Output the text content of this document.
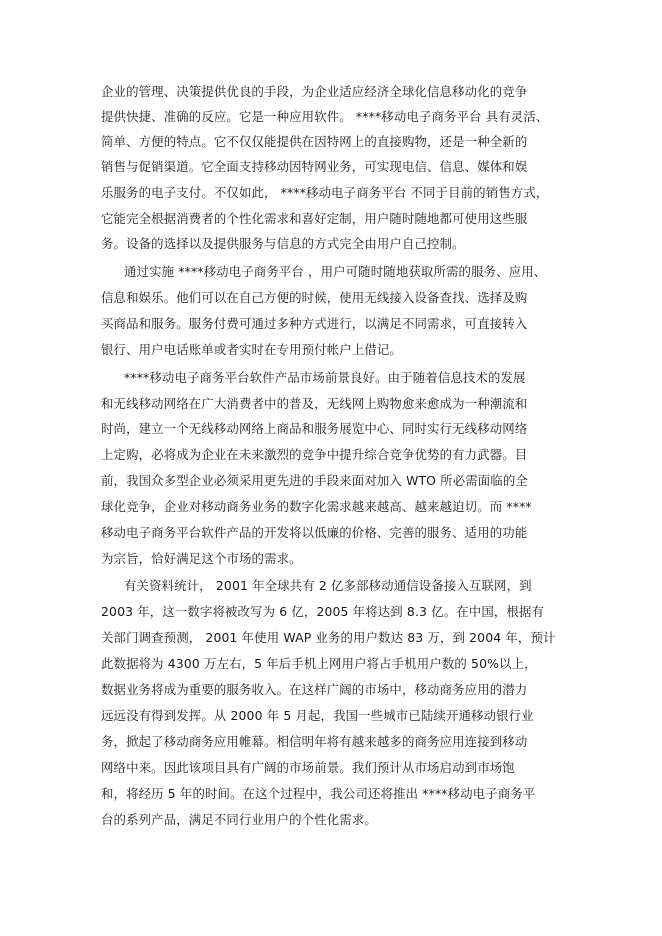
企业的管理、决策提供优良的手段，为企业适应经济全球化信息移动化的竞争
提供快捷、准确的反应。它是一种应用软件。 ****移动电子商务平台 具有灵活、
简单、方便的特点。它不仅仅能提供在因特网上的直接购物，还是一种全新的
销售与促销渠道。它全面支持移动因特网业务，可实现电信、信息、媒体和娱
乐服务的电子支付。不仅如此， ****移动电子商务平台 不同于目前的销售方式，
它能完全根据消费者的个性化需求和喜好定制，用户随时随地都可使用这些服
务。设备的选择以及提供服务与信息的方式完全由用户自己控制。
通过实施 ****移动电子商务平台 ，用户可随时随地获取所需的服务、应用、
信息和娱乐。他们可以在自己方便的时候，使用无线接入设备查找、选择及购
买商品和服务。服务付费可通过多种方式进行，以满足不同需求，可直接转入
银行、用户电话账单或者实时在专用预付帐户上借记。
****移动电子商务平台软件产品市场前景良好。由于随着信息技术的发展
和无线移动网络在广大消费者中的普及，无线网上购物愈来愈成为一种潮流和
时尚，建立一个无线移动网络上商品和服务展览中心、同时实行无线移动网络
上定购，必将成为企业在未来激烈的竞争中提升综合竞争优势的有力武器。目
前，我国众多型企业必须采用更先进的手段来面对加入 WTO 所必需面临的全
球化竞争，企业对移动商务业务的数字化需求越来越高、越来越迫切。而 ****
移动电子商务平台软件产品的开发将以低廉的价格、完善的服务、适用的功能
为宗旨，恰好满足这个市场的需求。
有关资料统计， 2001 年全球共有 2 亿多部移动通信设备接入互联网，到
2003 年，这一数字将被改写为 6 亿，2005 年将达到 8.3 亿。在中国，根据有
关部门调查预测， 2001 年使用 WAP 业务的用户数达 83 万，到 2004 年，预计
此数据将为 4300 万左右，5 年后手机上网用户将占手机用户数的 50%以上，
数据业务将成为重要的服务收入。在这样广阔的市场中，移动商务应用的潜力
远远没有得到发挥。从 2000 年 5 月起，我国一些城市已陆续开通移动银行业
务，掀起了移动商务应用帷幕。相信明年将有越来越多的商务应用连接到移动
网络中来。因此该项目具有广阔的市场前景。我们预计从市场启动到市场饱
和，将经历 5 年的时间。在这个过程中，我公司还将推出 ****移动电子商务平
台的系列产品，满足不同行业用户的个性化需求。
